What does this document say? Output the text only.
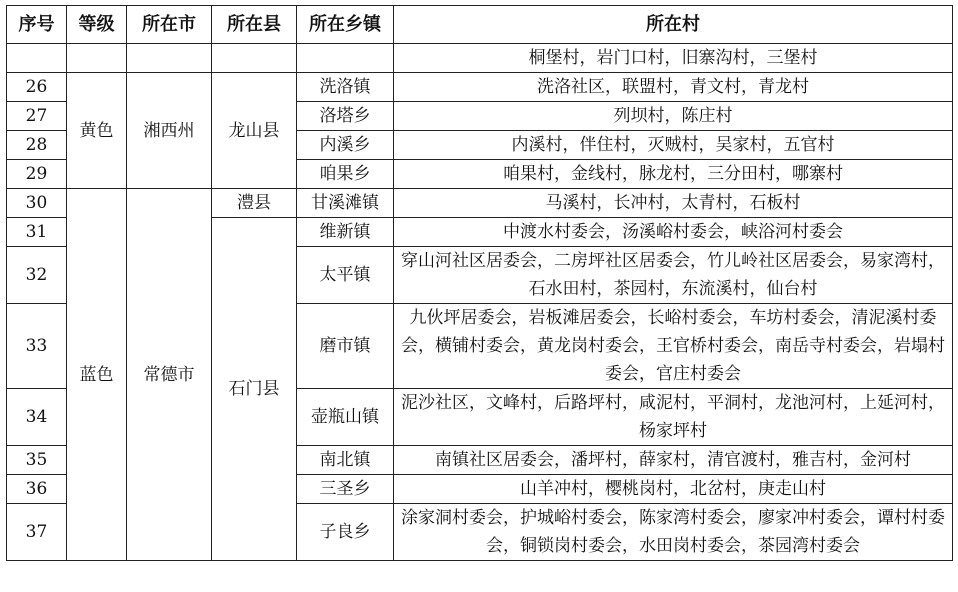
序号	等级	所在市	所在县	所在乡镇	所在村
					桐堡村，岩门口村，旧寨沟村，三堡村
26	黄色	湘西州	龙山县	洗洛镇	洗洛社区，联盟村，青文村，青龙村
27				洛塔乡	列坝村，陈庄村
28				内溪乡	内溪村，伴住村，灭贼村，吴家村，五官村
29				咱果乡	咱果村，金线村，脉龙村，三分田村，哪寨村
30	蓝色	常德市	澧县	甘溪滩镇	马溪村，长冲村，太青村，石板村
31			石门县	维新镇	中渡水村委会，汤溪峪村委会，峡浴河村委会
32				太平镇	穿山河社区居委会，二房坪社区居委会，竹儿岭社区居委会，易家湾村，石水田村，茶园村，东流溪村，仙台村
33				磨市镇	九伙坪居委会，岩板滩居委会，长峪村委会，车坊村委会，清泥溪村委会，横铺村委会，黄龙岗村委会，王官桥村委会，南岳寺村委会，岩塌村委会，官庄村委会
34				壶瓶山镇	泥沙社区，文峰村，后路坪村，咸泥村，平洞村，龙池河村，上延河村，杨家坪村
35				南北镇	南镇社区居委会，潘坪村，薛家村，清官渡村，雅吉村，金河村
36				三圣乡	山羊冲村，樱桃岗村，北岔村，庚走山村
37				子良乡	涂家洞村委会，护城峪村委会，陈家湾村委会，廖家冲村委会，谭村村委会，铜锁岗村委会，水田岗村委会，茶园湾村委会
